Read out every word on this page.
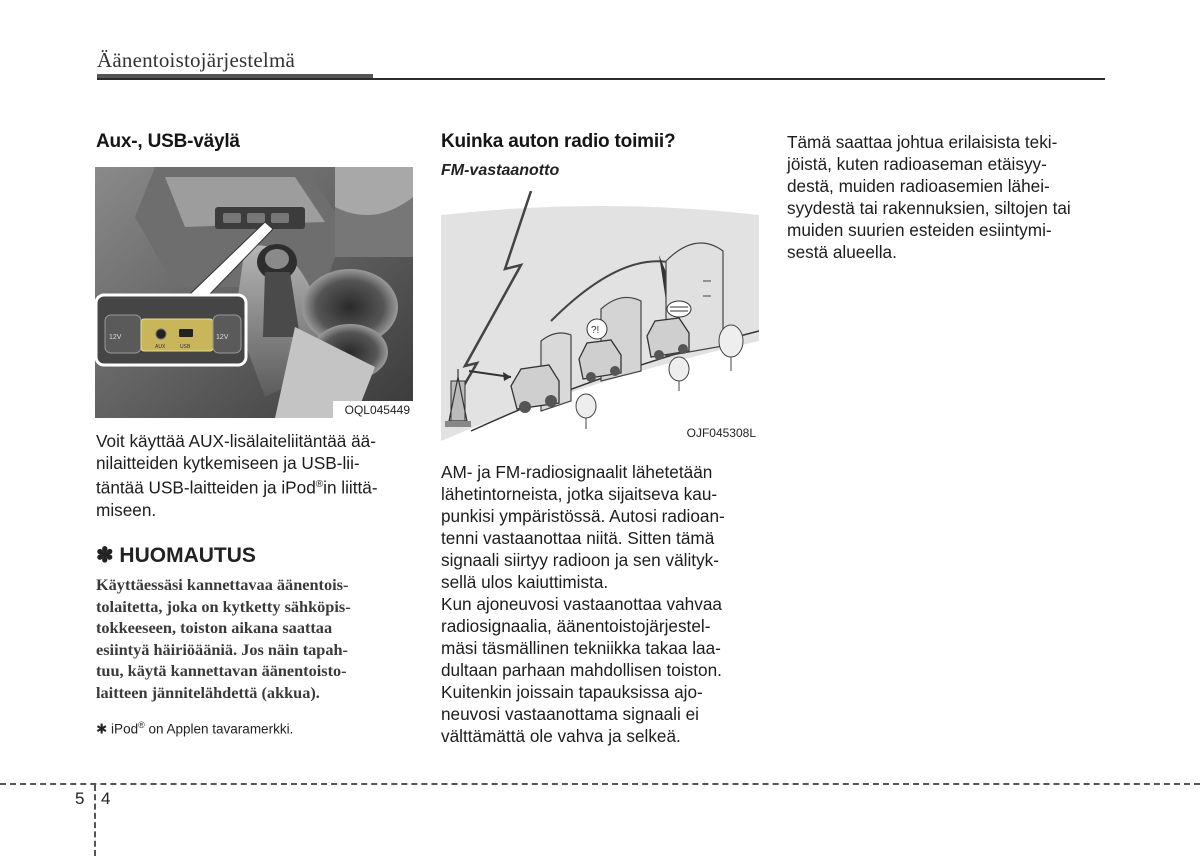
Äänentoistojärjestelmä
Aux-, USB-väylä
12V
AUX	USB
12V
OQL045449
Voit käyttää AUX-lisälaiteliitäntää ää-
nilaitteiden kytkemiseen ja USB-lii-
täntää USB-laitteiden ja iPod®in liittä-
miseen.
✽ HUOMAUTUS
Käyttäessäsi kannettavaa äänentois-
tolaitetta, joka on kytketty sähköpis-
tokkeeseen, toiston aikana saattaa
esiintyä häiriöääniä. Jos näin tapah-
tuu, käytä kannettavan äänentoisto-
laitteen jännitelähdettä (akkua).
✱ iPod® on Applen tavaramerkki.
Kuinka auton radio toimii?
FM-vastaanotto
?!
OJF045308L
AM- ja FM-radiosignaalit lähetetään
lähetintorneista, jotka sijaitseva kau-
punkisi ympäristössä. Autosi radioan-
tenni vastaanottaa niitä. Sitten tämä
signaali siirtyy radioon ja sen välityk-
sellä ulos kaiuttimista.
Kun ajoneuvosi vastaanottaa vahvaa
radiosignaalia, äänentoistojärjestel-
mäsi täsmällinen tekniikka takaa laa-
dultaan parhaan mahdollisen toiston.
Kuitenkin joissain tapauksissa ajo-
neuvosi vastaanottama signaali ei
välttämättä ole vahva ja selkeä.
Tämä saattaa johtua erilaisista teki-
jöistä, kuten radioaseman etäisyy-
destä, muiden radioasemien lähei-
syydestä tai rakennuksien, siltojen tai
muiden suurien esteiden esiintymi-
sestä alueella.
5 4
